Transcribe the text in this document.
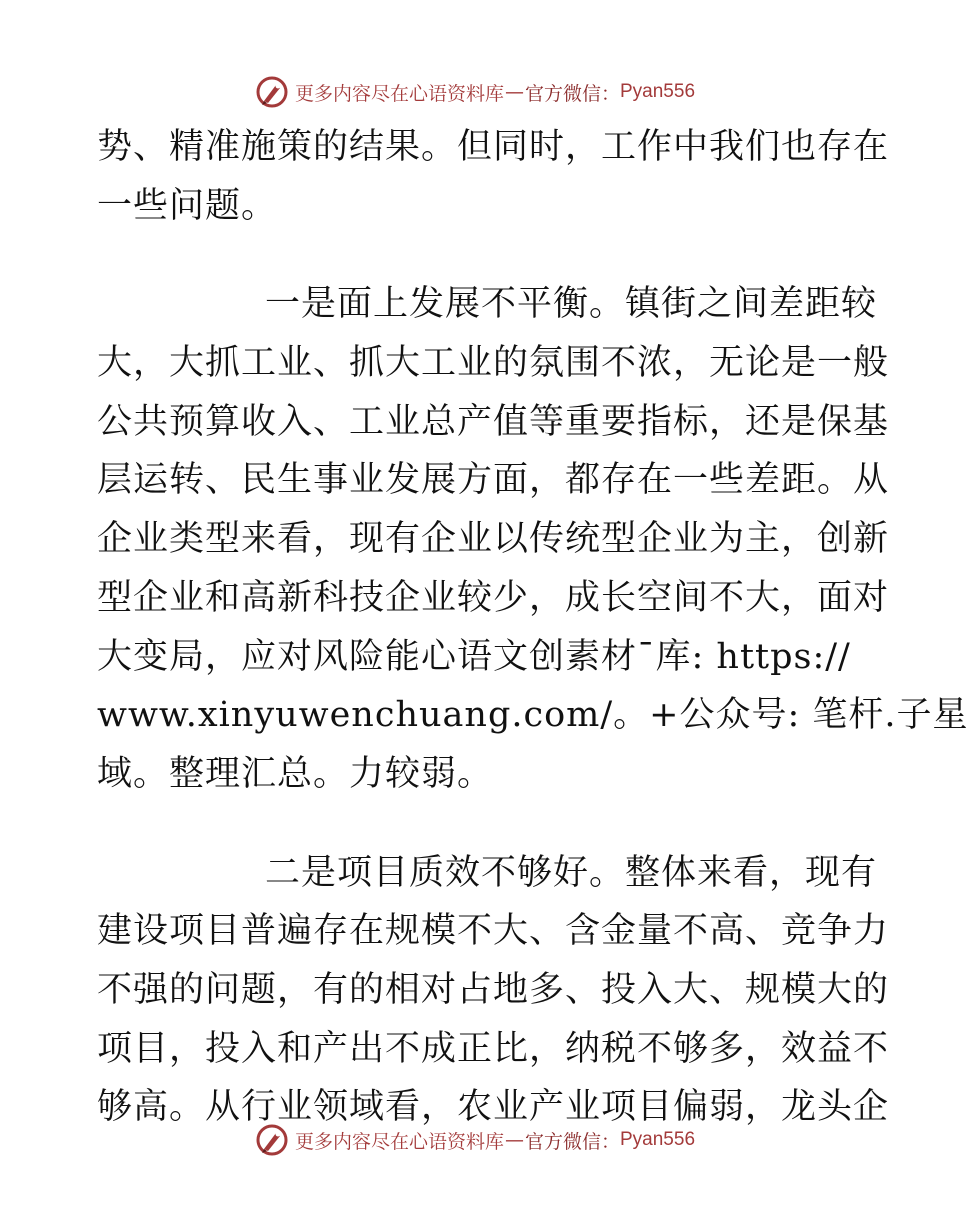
更多内容尽在心语资料库 — 官方微信： Pyan556
势、精准施策的结果。但同时，工作中我们也存在
一些问题。
一是面上发展不平衡。镇街之间差距较
大，大抓工业、抓大工业的氛围不浓，无论是一般
公共预算收入、工业总产值等重要指标，还是保基
层运转、民生事业发展方面，都存在一些差距。从
企业类型来看，现有企业以传统型企业为主，创新
型企业和高新科技企业较少，成长空间不大，面对
大变局，应对风险能心语文创素材¯库: https://
www.xinyuwenchuang.com/。+公众号: 笔杆.子星
域。整理汇总。力较弱。
二是项目质效不够好。整体来看，现有
建设项目普遍存在规模不大、含金量不高、竞争力
不强的问题，有的相对占地多、投入大、规模大的
项目，投入和产出不成正比，纳税不够多，效益不
够高。从行业领域看，农业产业项目偏弱，龙头企
更多内容尽在心语资料库 — 官方微信： Pyan556
